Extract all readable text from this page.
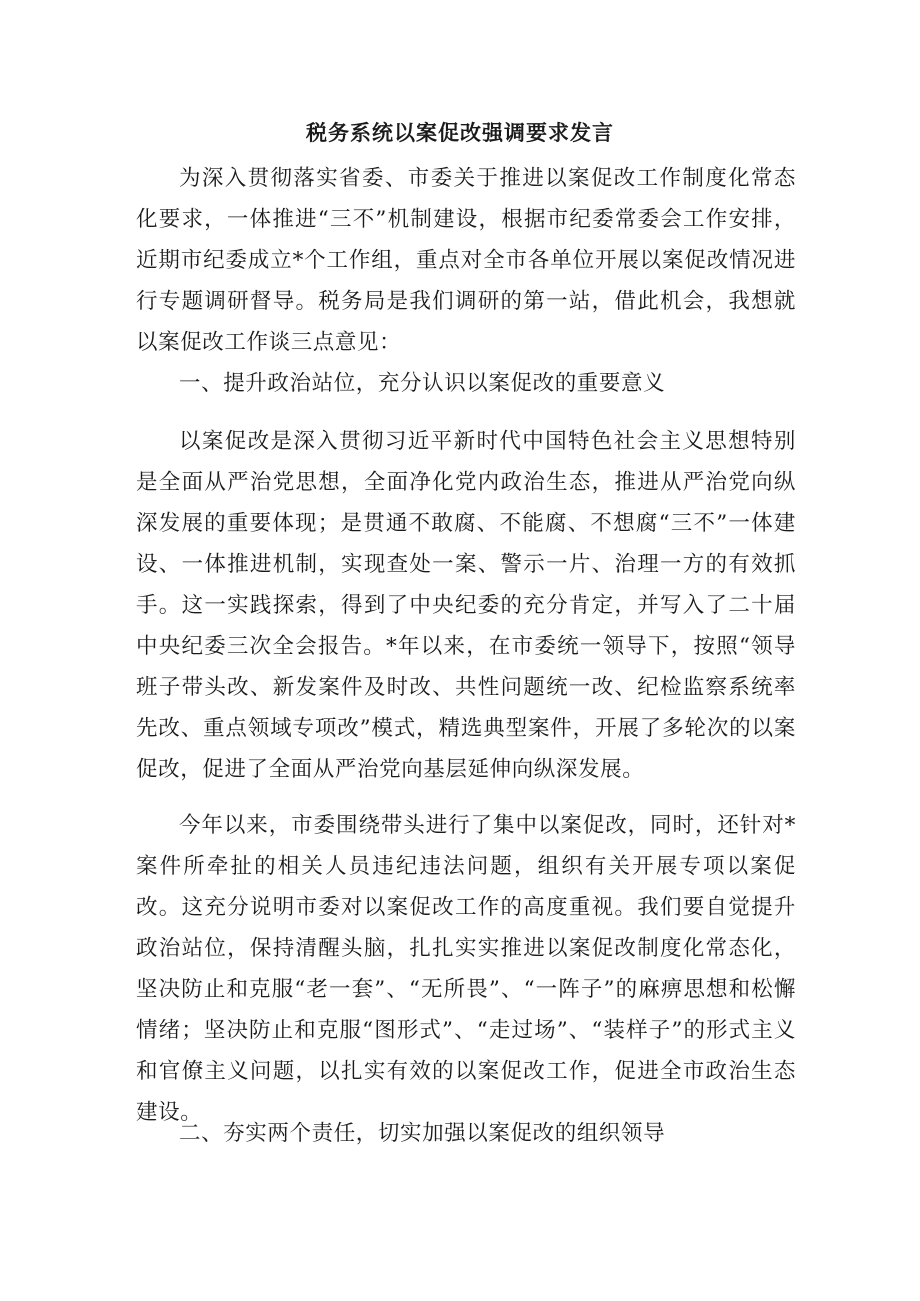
税务系统以案促改强调要求发言

为深入贯彻落实省委、市委关于推进以案促改工作制度化常态化要求，一体推进“三不”机制建设，根据市纪委常委会工作安排，近期市纪委成立*个工作组，重点对全市各单位开展以案促改情况进行专题调研督导。税务局是我们调研的第一站，借此机会，我想就以案促改工作谈三点意见：

一、提升政治站位，充分认识以案促改的重要意义

以案促改是深入贯彻习近平新时代中国特色社会主义思想特别是全面从严治党思想，全面净化党内政治生态，推进从严治党向纵深发展的重要体现；是贯通不敢腐、不能腐、不想腐“三不”一体建设、一体推进机制，实现查处一案、警示一片、治理一方的有效抓手。这一实践探索，得到了中央纪委的充分肯定，并写入了二十届中央纪委三次全会报告。*年以来，在市委统一领导下，按照“领导班子带头改、新发案件及时改、共性问题统一改、纪检监察系统率先改、重点领域专项改”模式，精选典型案件，开展了多轮次的以案促改，促进了全面从严治党向基层延伸向纵深发展。

今年以来，市委围绕带头进行了集中以案促改，同时，还针对*案件所牵扯的相关人员违纪违法问题，组织有关开展专项以案促改。这充分说明市委对以案促改工作的高度重视。我们要自觉提升政治站位，保持清醒头脑，扎扎实实推进以案促改制度化常态化，坚决防止和克服“老一套”、“无所畏”、“一阵子”的麻痹思想和松懈情绪；坚决防止和克服“图形式”、“走过场”、“装样子”的形式主义和官僚主义问题，以扎实有效的以案促改工作，促进全市政治生态建设。

二、夯实两个责任，切实加强以案促改的组织领导
